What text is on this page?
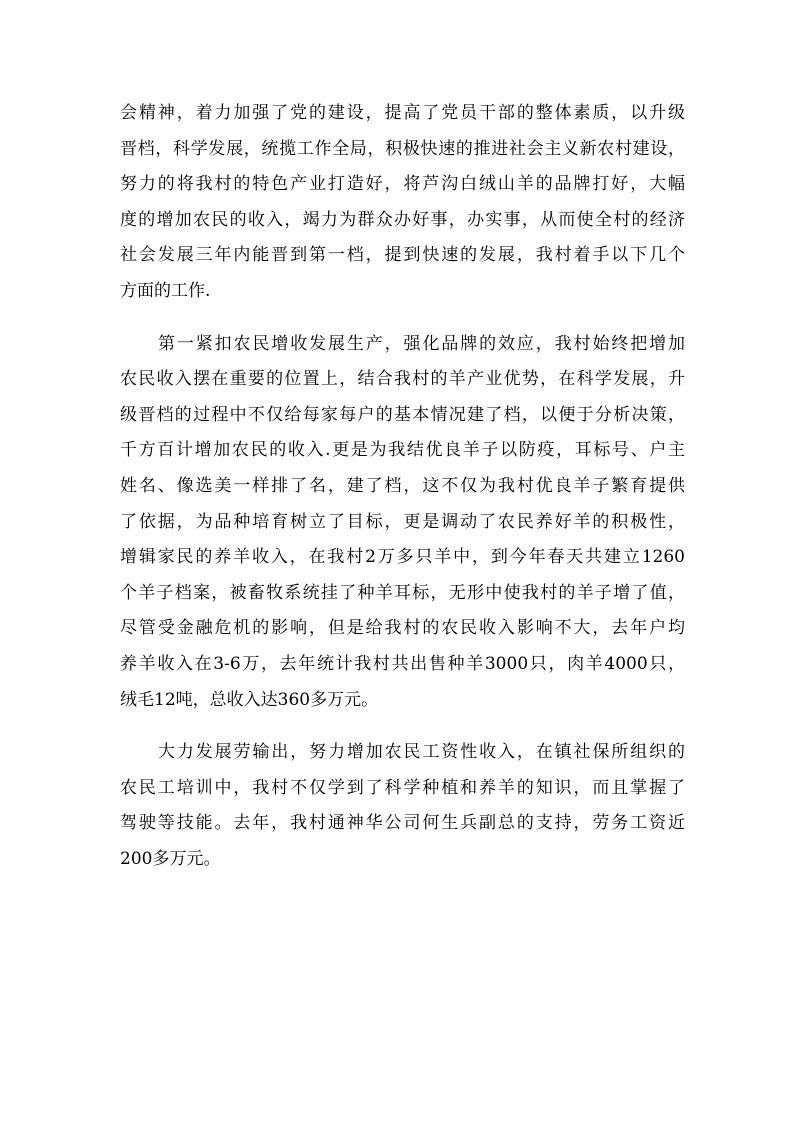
会精神，着力加强了党的建设，提高了党员干部的整体素质，以升级
晋档，科学发展，统揽工作全局，积极快速的推进社会主义新农村建设，
努力的将我村的特色产业打造好，将芦沟白绒山羊的品牌打好，大幅
度的增加农民的收入，竭力为群众办好事，办实事，从而使全村的经济
社会发展三年内能晋到第一档，提到快速的发展，我村着手以下几个
方面的工作.
第一紧扣农民增收发展生产，强化品牌的效应，我村始终把增加
农民收入摆在重要的位置上，结合我村的羊产业优势，在科学发展，升
级晋档的过程中不仅给每家每户的基本情况建了档，以便于分析决策，
千方百计增加农民的收入.更是为我结优良羊子以防疫，耳标号、户主
姓名、像选美一样排了名，建了档，这不仅为我村优良羊子繁育提供
了依据，为品种培育树立了目标，更是调动了农民养好羊的积极性，
增辑家民的养羊收入，在我村2万多只羊中，到今年春天共建立1260
个羊子档案，被畜牧系统挂了种羊耳标，无形中使我村的羊子增了值，
尽管受金融危机的影响，但是给我村的农民收入影响不大，去年户均
养羊收入在3-6万，去年统计我村共出售种羊3000只，肉羊4000只，
绒毛12吨，总收入达360多万元。
大力发展劳输出，努力增加农民工资性收入，在镇社保所组织的
农民工培训中，我村不仅学到了科学种植和养羊的知识，而且掌握了
驾驶等技能。去年，我村通神华公司何生兵副总的支持，劳务工资近
200多万元。
